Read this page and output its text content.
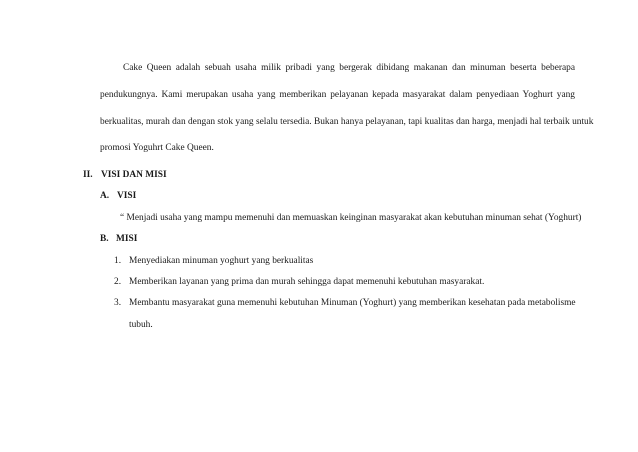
Cake Queen adalah sebuah usaha milik pribadi yang bergerak dibidang makanan dan minuman beserta beberapa
pendukungnya. Kami merupakan usaha yang memberikan pelayanan kepada masyarakat dalam penyediaan Yoghurt yang
berkualitas, murah dan dengan stok yang selalu tersedia. Bukan hanya pelayanan, tapi kualitas dan harga, menjadi hal terbaik untuk
promosi Yoguhrt Cake Queen.
II. VISI DAN MISI
A. VISI
“ Menjadi usaha yang mampu memenuhi dan memuaskan keinginan masyarakat akan kebutuhan minuman sehat (Yoghurt)
B. MISI
1. Menyediakan minuman yoghurt yang berkualitas
2. Memberikan layanan yang prima dan murah sehingga dapat memenuhi kebutuhan masyarakat.
3. Membantu masyarakat guna memenuhi kebutuhan Minuman (Yoghurt) yang memberikan kesehatan pada metabolisme
tubuh.
